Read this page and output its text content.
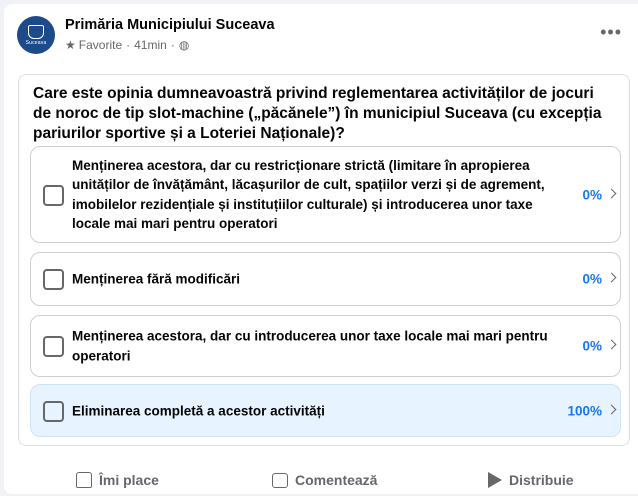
Suceava
Primăria Municipiului Suceava
★ Favorite · 41min · ◍
•••
Care este opinia dumneavoastră privind reglementarea activităților de jocuri de noroc de tip slot-machine („păcănele”) în municipiul Suceava (cu excepția pariurilor sportive și a Loteriei Naționale)?
Menținerea acestora, dar cu restricționare strictă (limitare în apropierea unităților de învățământ, lăcașurilor de cult, spațiilor verzi și de agrement, imobilelor rezidențiale și instituțiilor culturale) și introducerea unor taxe locale mai mari pentru operatori
0%
Menținerea fără modificări	0%
Menținerea acestora, dar cu introducerea unor taxe locale mai mari pentru operatori
0%
Eliminarea completă a acestor activități	100%
Îmi place	Comentează	Distribuie
